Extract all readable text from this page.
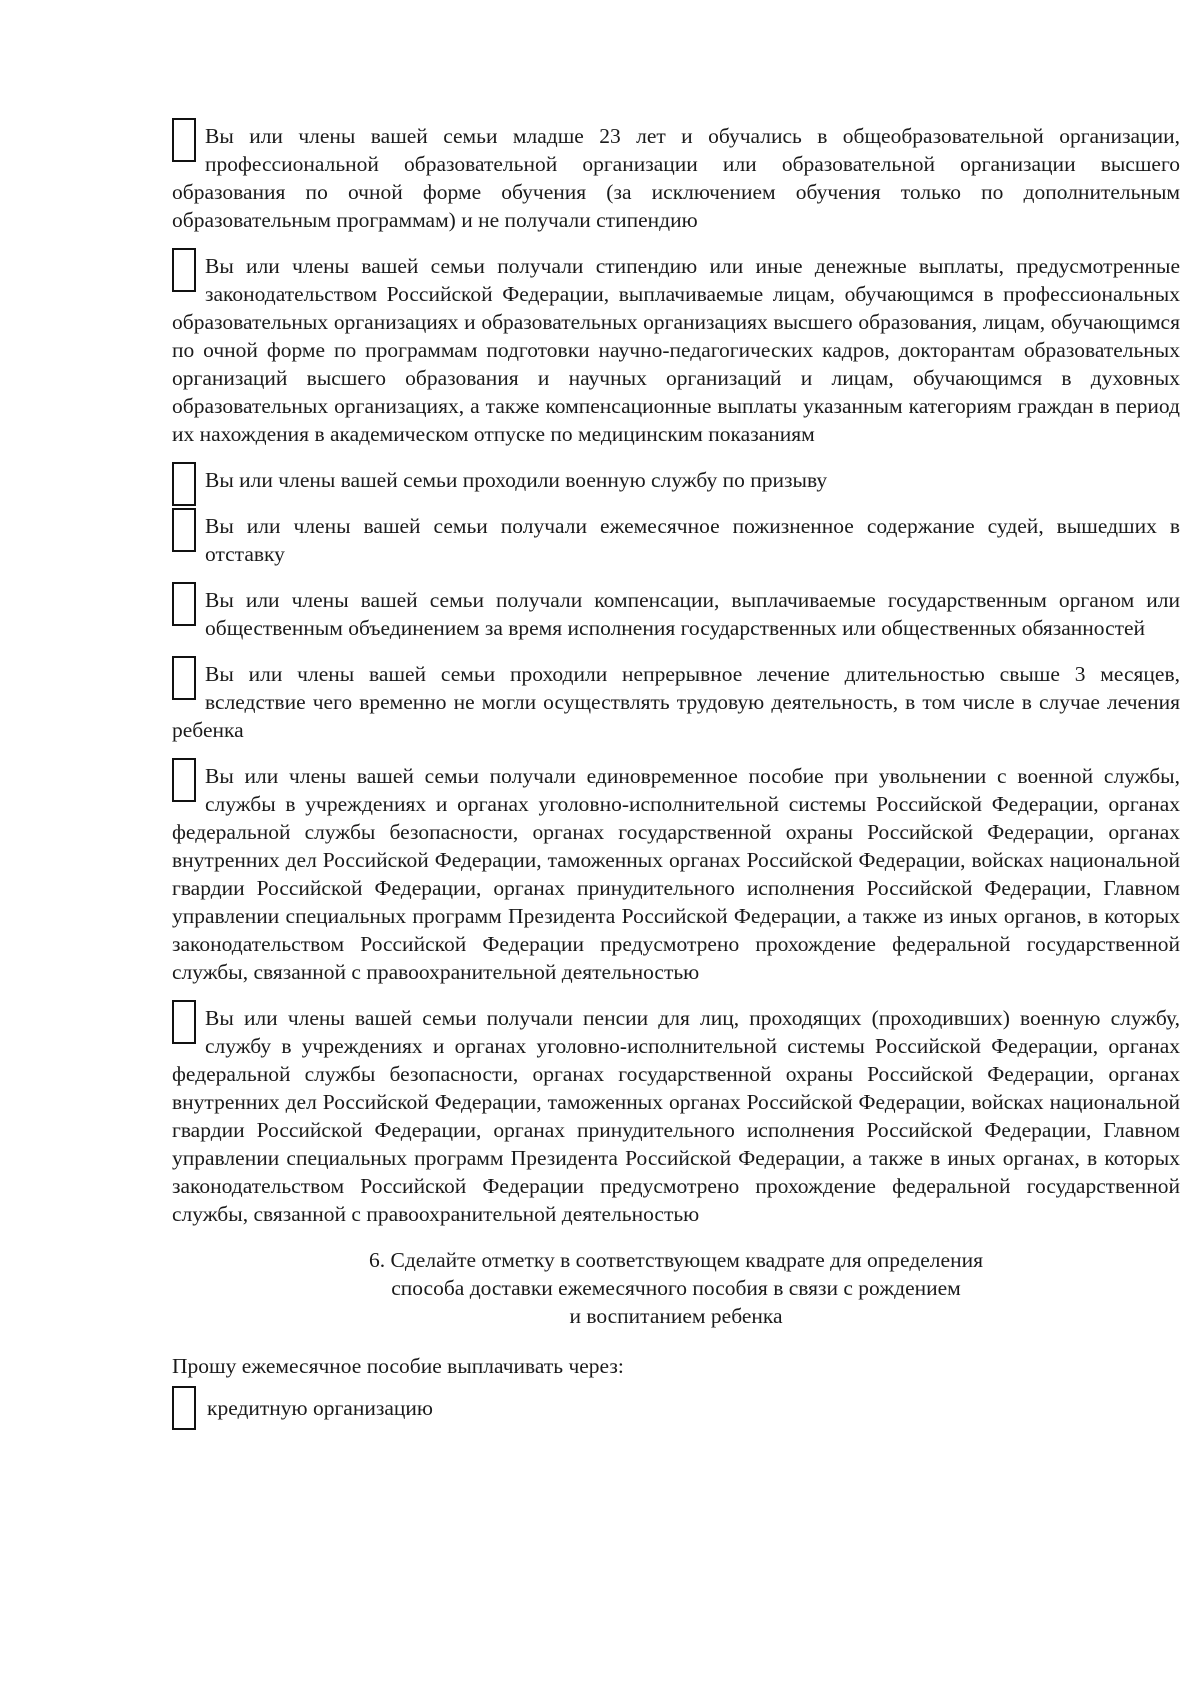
Вы или члены вашей семьи младше 23 лет и обучались в общеобразовательной организации, профессиональной образовательной организации или образовательной организации высшего образования по очной форме обучения (за исключением обучения только по дополнительным образовательным программам) и не получали стипендию
Вы или члены вашей семьи получали стипендию или иные денежные выплаты, предусмотренные законодательством Российской Федерации, выплачиваемые лицам, обучающимся в профессиональных образовательных организациях и образовательных организациях высшего образования, лицам, обучающимся по очной форме по программам подготовки научно-педагогических кадров, докторантам образовательных организаций высшего образования и научных организаций и лицам, обучающимся в духовных образовательных организациях, а также компенсационные выплаты указанным категориям граждан в период их нахождения в академическом отпуске по медицинским показаниям
Вы или члены вашей семьи проходили военную службу по призыву
Вы или члены вашей семьи получали ежемесячное пожизненное содержание судей, вышедших в отставку
Вы или члены вашей семьи получали компенсации, выплачиваемые государственным органом или общественным объединением за время исполнения государственных или общественных обязанностей
Вы или члены вашей семьи проходили непрерывное лечение длительностью свыше 3 месяцев, вследствие чего временно не могли осуществлять трудовую деятельность, в том числе в случае лечения ребенка
Вы или члены вашей семьи получали единовременное пособие при увольнении с военной службы, службы в учреждениях и органах уголовно-исполнительной системы Российской Федерации, органах федеральной службы безопасности, органах государственной охраны Российской Федерации, органах внутренних дел Российской Федерации, таможенных органах Российской Федерации, войсках национальной гвардии Российской Федерации, органах принудительного исполнения Российской Федерации, Главном управлении специальных программ Президента Российской Федерации, а также из иных органов, в которых законодательством Российской Федерации предусмотрено прохождение федеральной государственной службы, связанной с правоохранительной деятельностью
Вы или члены вашей семьи получали пенсии для лиц, проходящих (проходивших) военную службу, службу в учреждениях и органах уголовно-исполнительной системы Российской Федерации, органах федеральной службы безопасности, органах государственной охраны Российской Федерации, органах внутренних дел Российской Федерации, таможенных органах Российской Федерации, войсках национальной гвардии Российской Федерации, органах принудительного исполнения Российской Федерации, Главном управлении специальных программ Президента Российской Федерации, а также в иных органах, в которых законодательством Российской Федерации предусмотрено прохождение федеральной государственной службы, связанной с правоохранительной деятельностью
6. Сделайте отметку в соответствующем квадрате для определения
способа доставки ежемесячного пособия в связи с рождением
и воспитанием ребенка
Прошу ежемесячное пособие выплачивать через:
кредитную организацию
